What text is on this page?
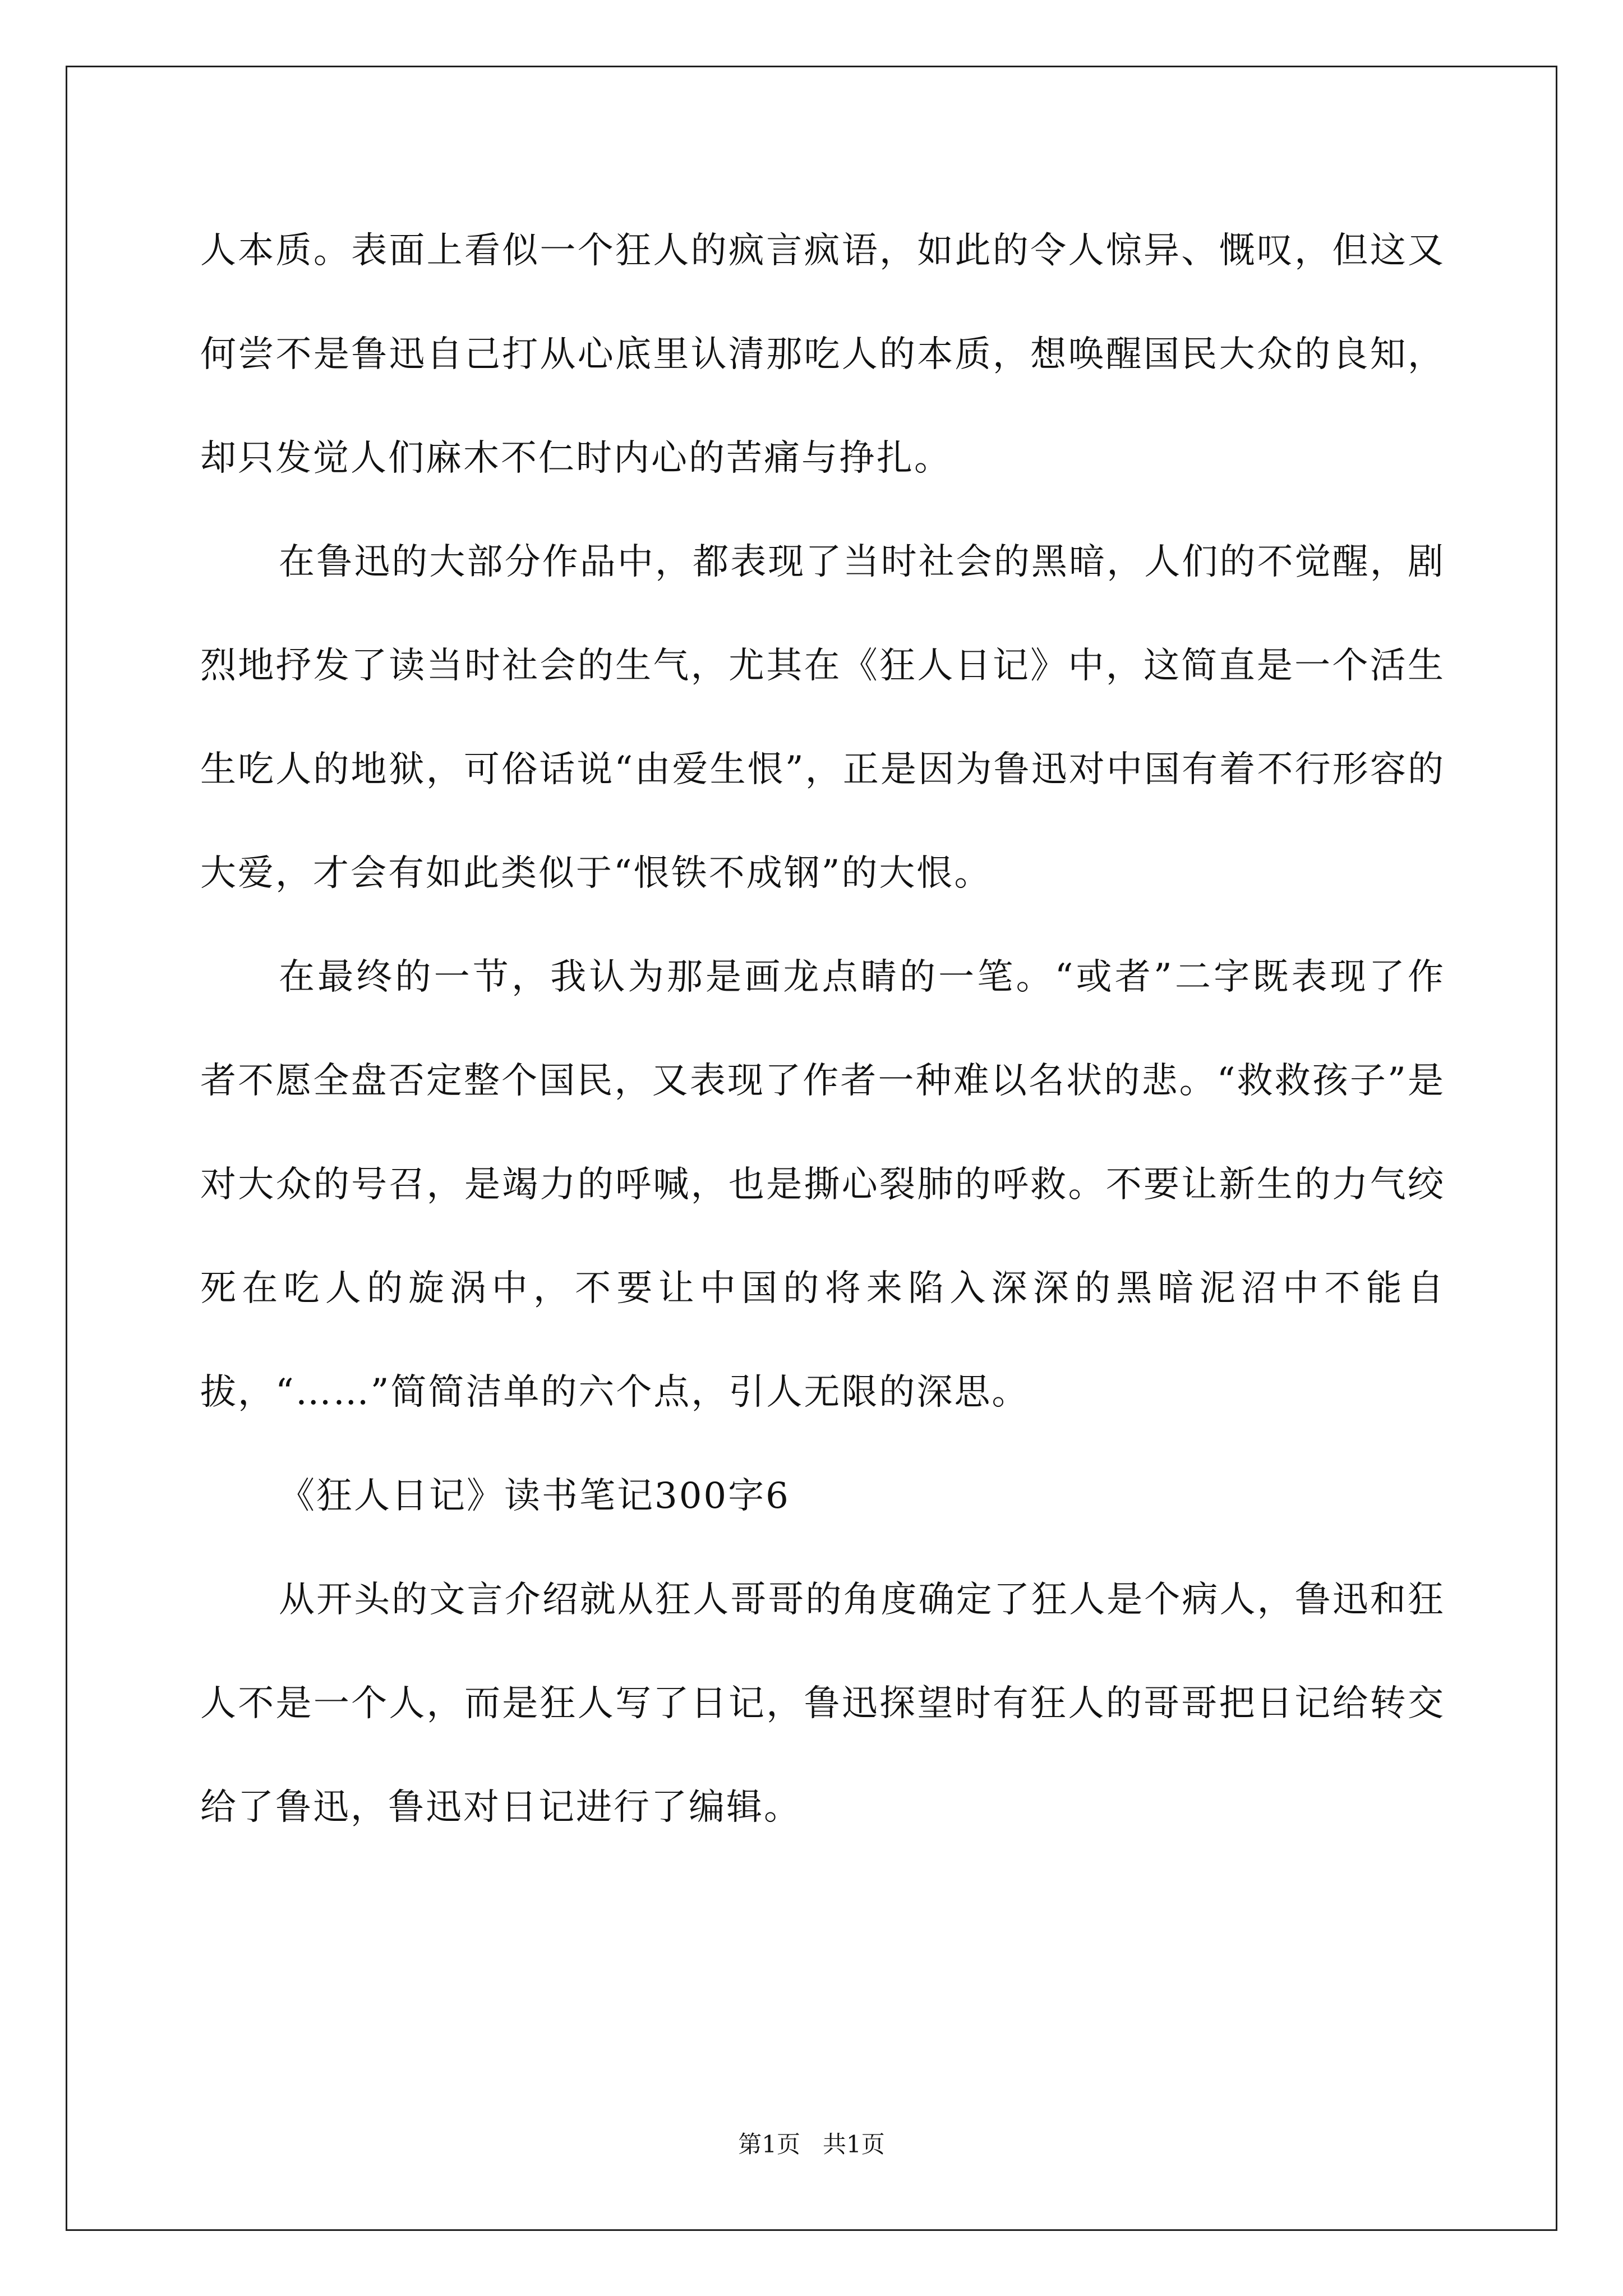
人本质。表面上看似一个狂人的疯言疯语，如此的令人惊异、慨叹，但这又何尝不是鲁迅自己打从心底里认清那吃人的本质，想唤醒国民大众的良知，却只发觉人们麻木不仁时内心的苦痛与挣扎。

在鲁迅的大部分作品中，都表现了当时社会的黑暗，人们的不觉醒，剧烈地抒发了读当时社会的生气，尤其在《狂人日记》中，这简直是一个活生生吃人的地狱，可俗话说“由爱生恨”，正是因为鲁迅对中国有着不行形容的大爱，才会有如此类似于“恨铁不成钢”的大恨。

在最终的一节，我认为那是画龙点睛的一笔。“或者”二字既表现了作者不愿全盘否定整个国民，又表现了作者一种难以名状的悲。“救救孩子”是对大众的号召，是竭力的呼喊，也是撕心裂肺的呼救。不要让新生的力气绞死在吃人的旋涡中，不要让中国的将来陷入深深的黑暗泥沼中不能自拔，“……”简简洁单的六个点，引人无限的深思。

《狂人日记》读书笔记300字6

从开头的文言介绍就从狂人哥哥的角度确定了狂人是个病人，鲁迅和狂人不是一个人，而是狂人写了日记，鲁迅探望时有狂人的哥哥把日记给转交给了鲁迅，鲁迅对日记进行了编辑。

第1页 共1页
